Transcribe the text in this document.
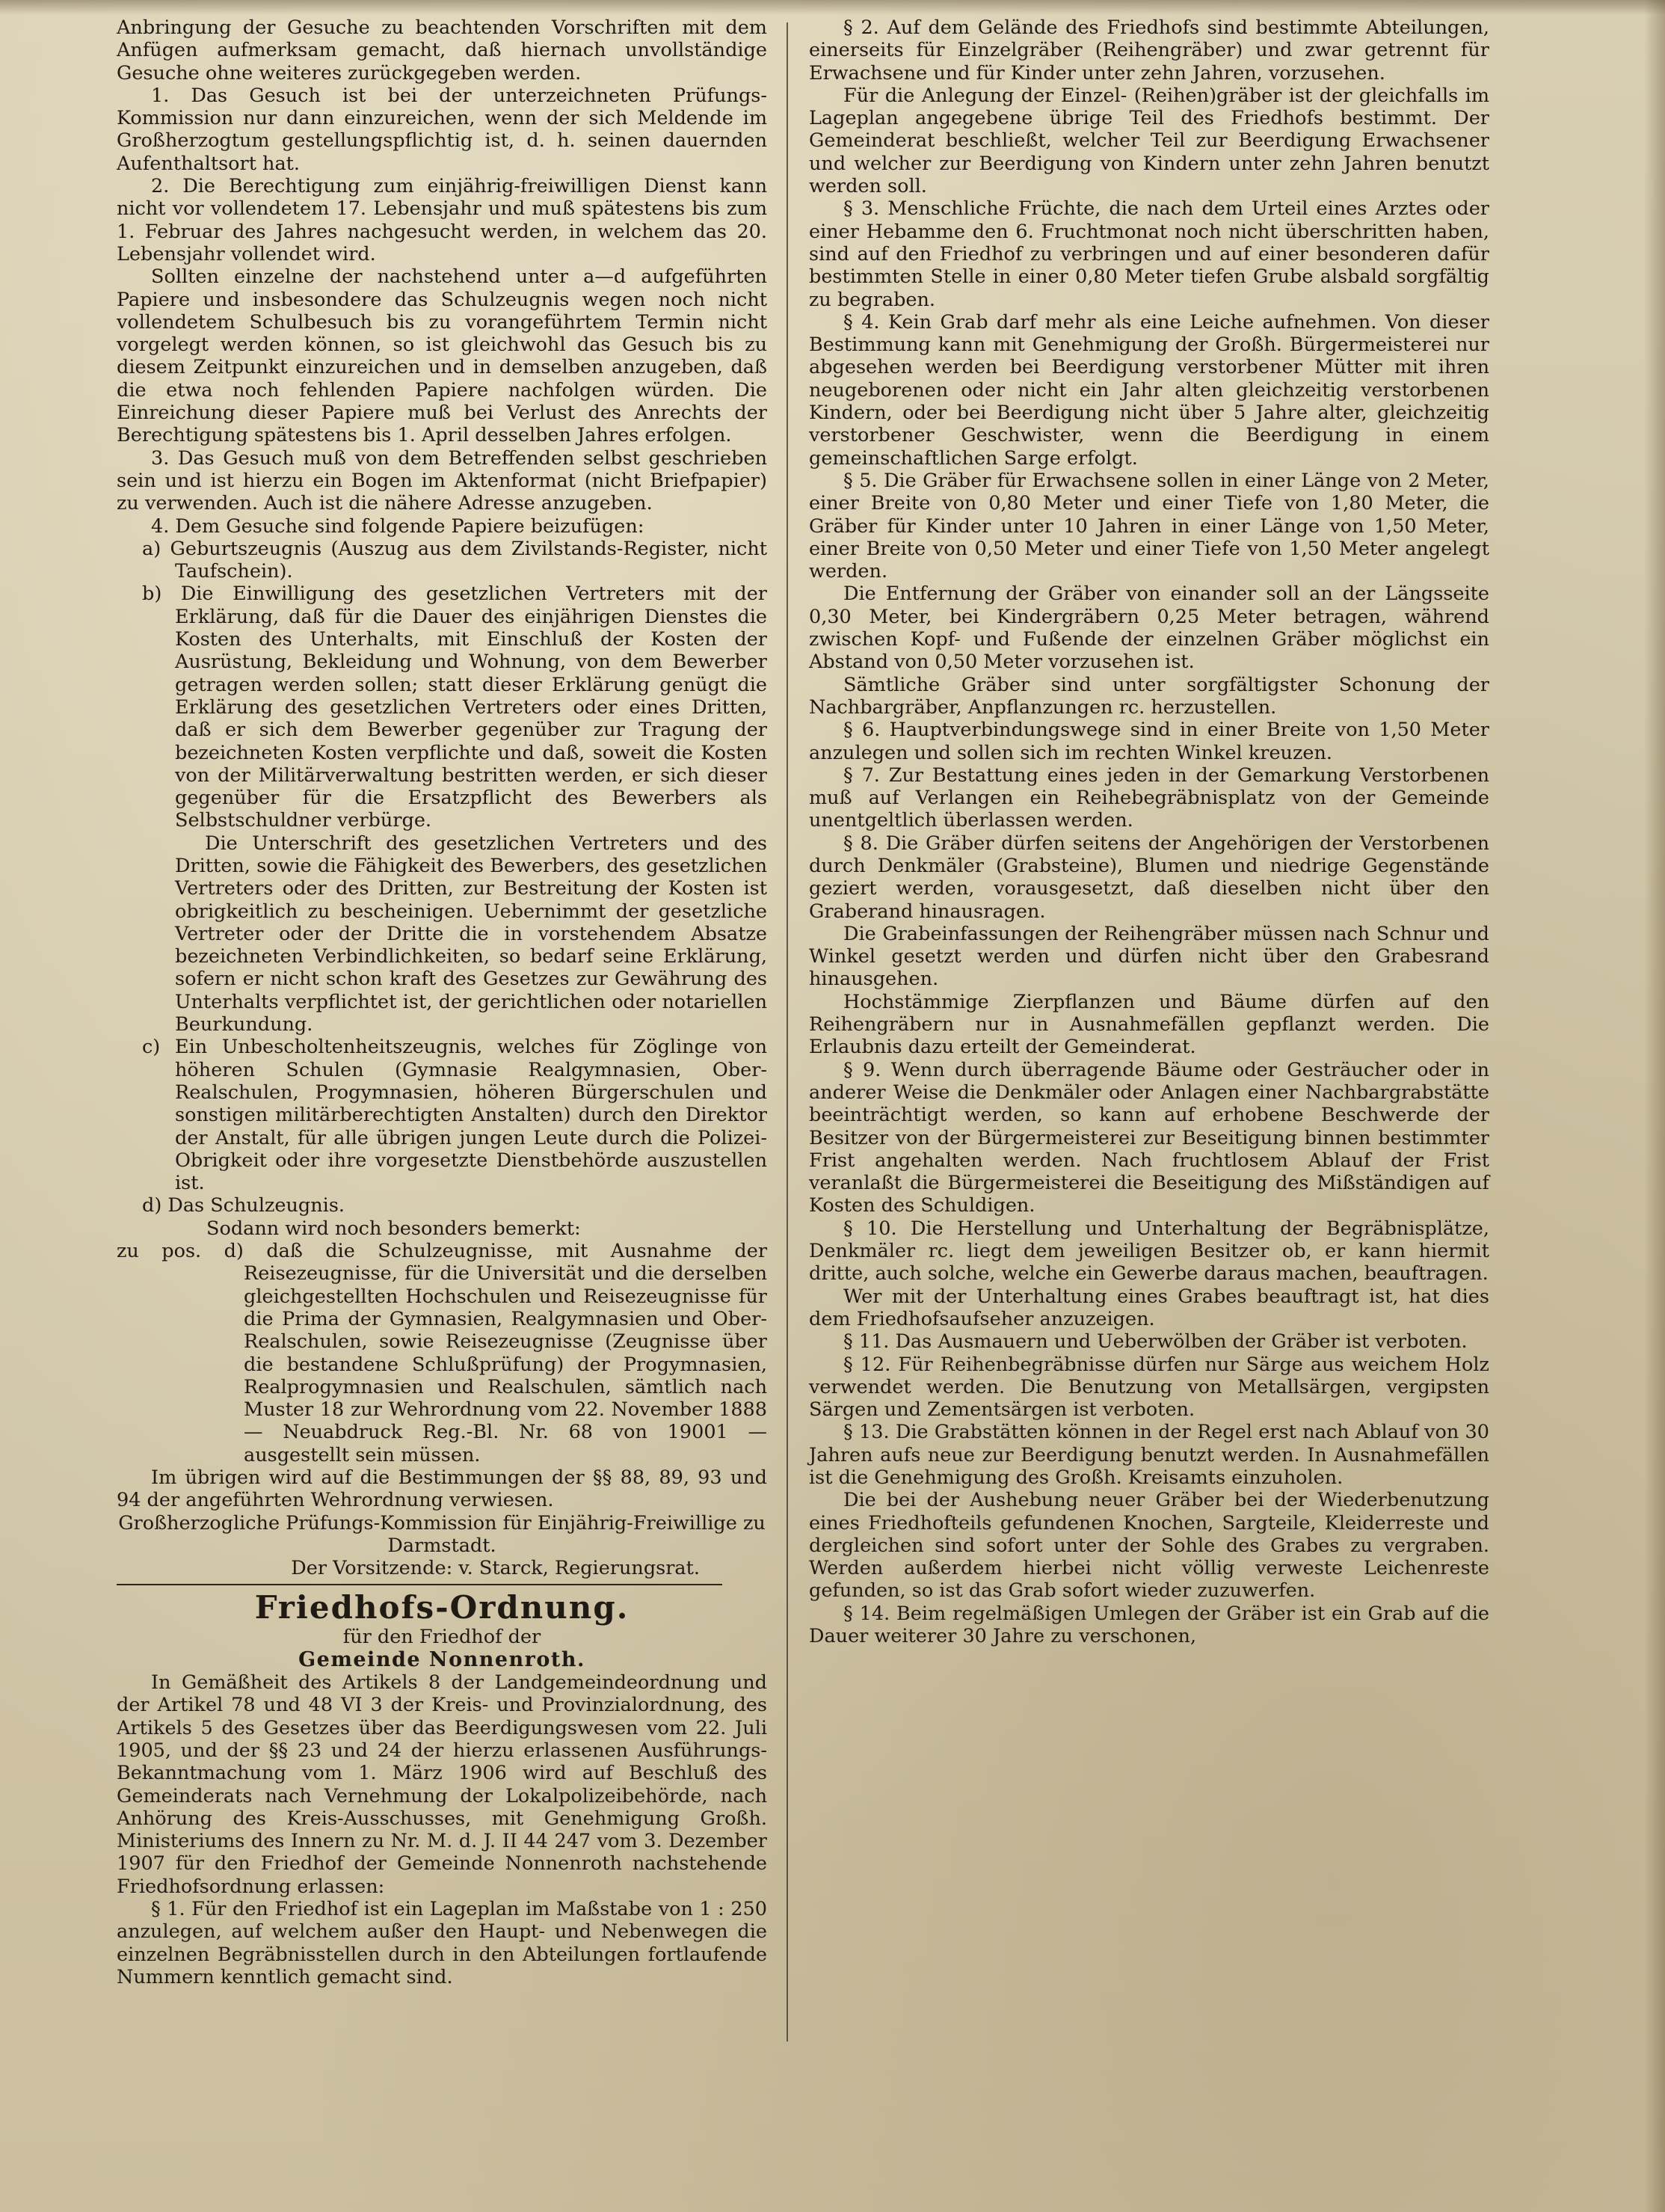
Anbringung der Gesuche zu beachtenden Vorschriften mit dem Anfügen aufmerksam gemacht, daß hiernach unvollständige Gesuche ohne weiteres zurückgegeben werden.

1. Das Gesuch ist bei der unterzeichneten Prüfungs-Kommission nur dann einzureichen, wenn der sich Meldende im Großherzogtum gestellungspflichtig ist, d. h. seinen dauernden Aufenthaltsort hat.

2. Die Berechtigung zum einjährig-freiwilligen Dienst kann nicht vor vollendetem 17. Lebensjahr und muß spätestens bis zum 1. Februar des Jahres nachgesucht werden, in welchem das 20. Lebensjahr vollendet wird.

Sollten einzelne der nachstehend unter a—d aufgeführten Papiere und insbesondere das Schulzeugnis wegen noch nicht vollendetem Schulbesuch bis zu vorangeführtem Termin nicht vorgelegt werden können, so ist gleichwohl das Gesuch bis zu diesem Zeitpunkt einzureichen und in demselben anzugeben, daß die etwa noch fehlenden Papiere nachfolgen würden. Die Einreichung dieser Papiere muß bei Verlust des Anrechts der Berechtigung spätestens bis 1. April desselben Jahres erfolgen.

3. Das Gesuch muß von dem Betreffenden selbst geschrieben sein und ist hierzu ein Bogen im Aktenformat (nicht Briefpapier) zu verwenden. Auch ist die nähere Adresse anzugeben.

4. Dem Gesuche sind folgende Papiere beizufügen:

a) Geburtszeugnis (Auszug aus dem Zivilstands-Register, nicht Taufschein).

b) Die Einwilligung des gesetzlichen Vertreters mit der Erklärung, daß für die Dauer des einjährigen Dienstes die Kosten des Unterhalts, mit Einschluß der Kosten der Ausrüstung, Bekleidung und Wohnung, von dem Bewerber getragen werden sollen; statt dieser Erklärung genügt die Erklärung des gesetzlichen Vertreters oder eines Dritten, daß er sich dem Bewerber gegenüber zur Tragung der bezeichneten Kosten verpflichte und daß, soweit die Kosten von der Militärverwaltung bestritten werden, er sich dieser gegenüber für die Ersatzpflicht des Bewerbers als Selbstschuldner verbürge.

Die Unterschrift des gesetzlichen Vertreters und des Dritten, sowie die Fähigkeit des Bewerbers, des gesetzlichen Vertreters oder des Dritten, zur Bestreitung der Kosten ist obrigkeitlich zu bescheinigen. Uebernimmt der gesetzliche Vertreter oder der Dritte die in vorstehendem Absatze bezeichneten Verbindlichkeiten, so bedarf seine Erklärung, sofern er nicht schon kraft des Gesetzes zur Gewährung des Unterhalts verpflichtet ist, der gerichtlichen oder notariellen Beurkundung.

c) Ein Unbescholtenheitszeugnis, welches für Zöglinge von höheren Schulen (Gymnasie Realgymnasien, Ober-Realschulen, Progymnasien, höheren Bürgerschulen und sonstigen militärberechtigten Anstalten) durch den Direktor der Anstalt, für alle übrigen jungen Leute durch die Polizei-Obrigkeit oder ihre vorgesetzte Dienstbehörde auszustellen ist.

d) Das Schulzeugnis.

Sodann wird noch besonders bemerkt:

zu pos. d) daß die Schulzeugnisse, mit Ausnahme der Reisezeugnisse, für die Universität und die derselben gleichgestellten Hochschulen und Reisezeugnisse für die Prima der Gymnasien, Realgymnasien und Ober-Realschulen, sowie Reisezeugnisse (Zeugnisse über die bestandene Schlußprüfung) der Progymnasien, Realprogymnasien und Realschulen, sämtlich nach Muster 18 zur Wehrordnung vom 22. November 1888 — Neuabdruck Reg.-Bl. Nr. 68 von 19001 — ausgestellt sein müssen.

Im übrigen wird auf die Bestimmungen der §§ 88, 89, 93 und 94 der angeführten Wehrordnung verwiesen.

Großherzogliche Prüfungs-Kommission für Einjährig-Freiwillige zu Darmstadt.

Der Vorsitzende: v. Starck, Regierungsrat.

Friedhofs-Ordnung.

für den Friedhof der

Gemeinde Nonnenroth.

In Gemäßheit des Artikels 8 der Landgemeindeordnung und der Artikel 78 und 48 VI 3 der Kreis- und Provinzialordnung, des Artikels 5 des Gesetzes über das Beerdigungswesen vom 22. Juli 1905, und der §§ 23 und 24 der hierzu erlassenen Ausführungs-Bekanntmachung vom 1. März 1906 wird auf Beschluß des Gemeinderats nach Vernehmung der Lokalpolizeibehörde, nach Anhörung des Kreis-Ausschusses, mit Genehmigung Großh. Ministeriums des Innern zu Nr. M. d. J. II 44 247 vom 3. Dezember 1907 für den Friedhof der Gemeinde Nonnenroth nachstehende Friedhofsordnung erlassen:

§ 1. Für den Friedhof ist ein Lageplan im Maßstabe von 1 : 250 anzulegen, auf welchem außer den Haupt- und Nebenwegen die einzelnen Begräbnisstellen durch in den Abteilungen fortlaufende Nummern kenntlich gemacht sind.

§ 2. Auf dem Gelände des Friedhofs sind bestimmte Abteilungen, einerseits für Einzelgräber (Reihengräber) und zwar getrennt für Erwachsene und für Kinder unter zehn Jahren, vorzusehen.

Für die Anlegung der Einzel- (Reihen)gräber ist der gleichfalls im Lageplan angegebene übrige Teil des Friedhofs bestimmt. Der Gemeinderat beschließt, welcher Teil zur Beerdigung Erwachsener und welcher zur Beerdigung von Kindern unter zehn Jahren benutzt werden soll.

§ 3. Menschliche Früchte, die nach dem Urteil eines Arztes oder einer Hebamme den 6. Fruchtmonat noch nicht überschritten haben, sind auf den Friedhof zu verbringen und auf einer besonderen dafür bestimmten Stelle in einer 0,80 Meter tiefen Grube alsbald sorgfältig zu begraben.

§ 4. Kein Grab darf mehr als eine Leiche aufnehmen. Von dieser Bestimmung kann mit Genehmigung der Großh. Bürgermeisterei nur abgesehen werden bei Beerdigung verstorbener Mütter mit ihren neugeborenen oder nicht ein Jahr alten gleichzeitig verstorbenen Kindern, oder bei Beerdigung nicht über 5 Jahre alter, gleichzeitig verstorbener Geschwister, wenn die Beerdigung in einem gemeinschaftlichen Sarge erfolgt.

§ 5. Die Gräber für Erwachsene sollen in einer Länge von 2 Meter, einer Breite von 0,80 Meter und einer Tiefe von 1,80 Meter, die Gräber für Kinder unter 10 Jahren in einer Länge von 1,50 Meter, einer Breite von 0,50 Meter und einer Tiefe von 1,50 Meter angelegt werden.

Die Entfernung der Gräber von einander soll an der Längsseite 0,30 Meter, bei Kindergräbern 0,25 Meter betragen, während zwischen Kopf- und Fußende der einzelnen Gräber möglichst ein Abstand von 0,50 Meter vorzusehen ist.

Sämtliche Gräber sind unter sorgfältigster Schonung der Nachbargräber, Anpflanzungen rc. herzustellen.

§ 6. Hauptverbindungswege sind in einer Breite von 1,50 Meter anzulegen und sollen sich im rechten Winkel kreuzen.

§ 7. Zur Bestattung eines jeden in der Gemarkung Verstorbenen muß auf Verlangen ein Reihebegräbnisplatz von der Gemeinde unentgeltlich überlassen werden.

§ 8. Die Gräber dürfen seitens der Angehörigen der Verstorbenen durch Denkmäler (Grabsteine), Blumen und niedrige Gegenstände geziert werden, vorausgesetzt, daß dieselben nicht über den Graberand hinausragen.

Die Grabeinfassungen der Reihengräber müssen nach Schnur und Winkel gesetzt werden und dürfen nicht über den Grabesrand hinausgehen.

Hochstämmige Zierpflanzen und Bäume dürfen auf den Reihengräbern nur in Ausnahmefällen gepflanzt werden. Die Erlaubnis dazu erteilt der Gemeinderat.

§ 9. Wenn durch überragende Bäume oder Gesträucher oder in anderer Weise die Denkmäler oder Anlagen einer Nachbargrabstätte beeinträchtigt werden, so kann auf erhobene Beschwerde der Besitzer von der Bürgermeisterei zur Beseitigung binnen bestimmter Frist angehalten werden. Nach fruchtlosem Ablauf der Frist veranlaßt die Bürgermeisterei die Beseitigung des Mißständigen auf Kosten des Schuldigen.

§ 10. Die Herstellung und Unterhaltung der Begräbnisplätze, Denkmäler rc. liegt dem jeweiligen Besitzer ob, er kann hiermit dritte, auch solche, welche ein Gewerbe daraus machen, beauftragen.

Wer mit der Unterhaltung eines Grabes beauftragt ist, hat dies dem Friedhofsaufseher anzuzeigen.

§ 11. Das Ausmauern und Ueberwölben der Gräber ist verboten.

§ 12. Für Reihenbegräbnisse dürfen nur Särge aus weichem Holz verwendet werden. Die Benutzung von Metallsärgen, vergipsten Särgen und Zementsärgen ist verboten.

§ 13. Die Grabstätten können in der Regel erst nach Ablauf von 30 Jahren aufs neue zur Beerdigung benutzt werden. In Ausnahmefällen ist die Genehmigung des Großh. Kreisamts einzuholen.

Die bei der Aushebung neuer Gräber bei der Wiederbenutzung eines Friedhofteils gefundenen Knochen, Sargteile, Kleiderreste und dergleichen sind sofort unter der Sohle des Grabes zu vergraben. Werden außerdem hierbei nicht völlig verweste Leichenreste gefunden, so ist das Grab sofort wieder zuzuwerfen.

§ 14. Beim regelmäßigen Umlegen der Gräber ist ein Grab auf die Dauer weiterer 30 Jahre zu verschonen,
